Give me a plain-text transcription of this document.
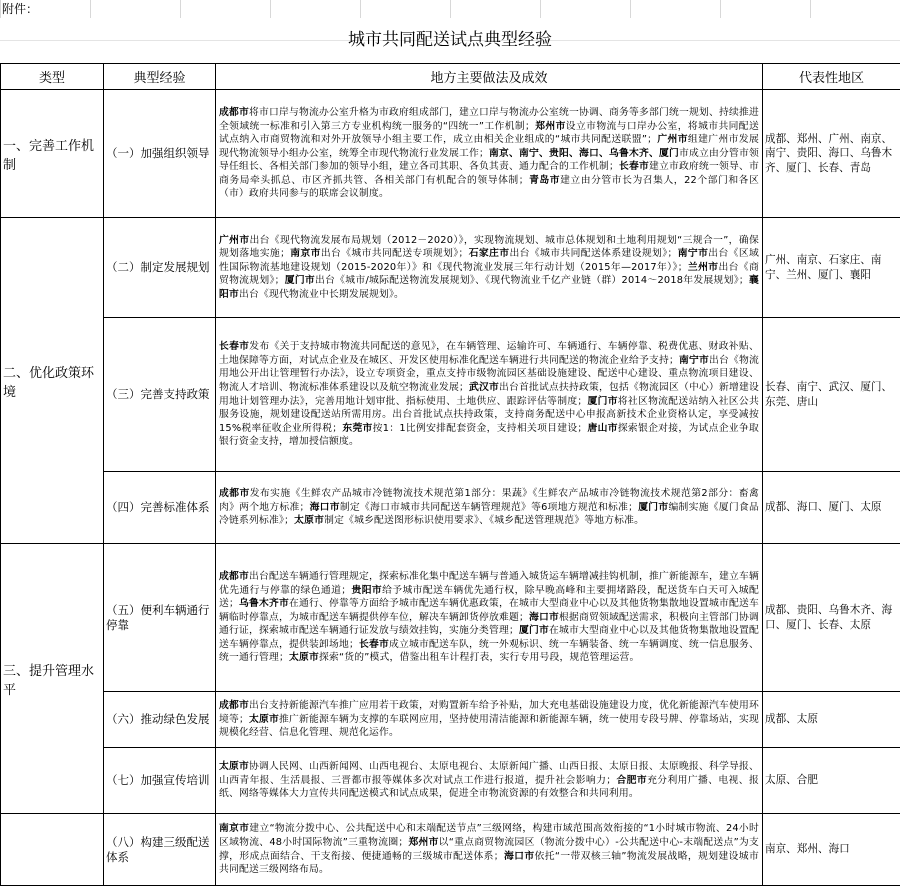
附件：
城市共同配送试点典型经验
类型	典型经验	地方主要做法及成效	代表性地区
一、完善工作机制	（一）加强组织领导	成都市将市口岸与物流办公室升格为市政府组成部门，建立口岸与物流办公室统一协调、商务等多部门统一规划、持续推进全领域统一标准和引入第三方专业机构统一服务的“四统一”工作机制；郑州市设立市物流与口岸办公室，将城市共同配送试点纳入市商贸物流和对外开放领导小组主要工作，成立由相关企业组成的“城市共同配送联盟”；广州市组建广州市发展现代物流领导小组办公室，统筹全市现代物流行业发展工作；南京、南宁、贵阳、海口、乌鲁木齐、厦门市成立由分管市领导任组长、各相关部门参加的领导小组，建立各司其职、各负其责、通力配合的工作机制；长春市建立市政府统一领导、市商务局牵头抓总、市区齐抓共管、各相关部门有机配合的领导体制；青岛市建立由分管市长为召集人，22个部门和各区（市）政府共同参与的联席会议制度。	成都、郑州、广州、南京、南宁、贵阳、海口、乌鲁木齐、厦门、长春、青岛
二、优化政策环境	（二）制定发展规划	广州市出台《现代物流发展布局规划（2012－2020）》，实现物流规划、城市总体规划和土地利用规划“三规合一”，确保规划落地实施；南京市出台《城市共同配送专项规划》；石家庄市出台《城市共同配送体系建设规划》；南宁市出台《区域性国际物流基地建设规划（2015-2020年）》和《现代物流业发展三年行动计划（2015年—2017年）》；兰州市出台《商贸物流规划》；厦门市出台《城市/城际配送物流发展规划》、《现代物流业千亿产业链（群）2014～2018年发展规划》；襄阳市出台《现代物流业中长期发展规划》。	广州、南京、石家庄、南宁、兰州、厦门、襄阳
	（三）完善支持政策	长春市发布《关于支持城市物流共同配送的意见》，在车辆管理、运输许可、车辆通行、车辆停靠、税费优惠、财政补贴、土地保障等方面，对试点企业及在城区、开发区使用标准化配送车辆进行共同配送的物流企业给予支持；南宁市出台《物流用地公开出让管理暂行办法》，设立专项资金，重点支持市级物流园区基础设施建设、配送中心建设、重点物流项目建设、物流人才培训、物流标准体系建设以及航空物流业发展；武汉市出台首批试点扶持政策，包括《物流园区（中心）新增建设用地计划管理办法》，完善用地计划审批、指标使用、土地供应、跟踪评估等制度；厦门市将社区物流配送站纳入社区公共服务设施，规划建设配送站所需用房。出台首批试点扶持政策，支持商务配送中心申报高新技术企业资格认定，享受减按15%税率征收企业所得税；东莞市按1：1比例安排配套资金，支持相关项目建设；唐山市探索银企对接，为试点企业争取银行资金支持，增加授信额度。	长春、南宁、武汉、厦门、东莞、唐山
	（四）完善标准体系	成都市发布实施《生鲜农产品城市冷链物流技术规范第1部分：果蔬》《生鲜农产品城市冷链物流技术规范第2部分：畜禽肉》两个地方标准；海口市制定《海口市城市共同配送车辆管理规范》等6项地方规范和标准；厦门市编制实施《厦门食品冷链系列标准》；太原市制定《城乡配送图形标识使用要求》、《城乡配送管理规范》等地方标准。	成都、海口、厦门、太原
三、提升管理水平	（五）便利车辆通行停靠	成都市出台配送车辆通行管理规定，探索标准化集中配送车辆与普通入城货运车辆增减挂钩机制，推广新能源车，建立车辆优先通行与停靠的绿色通道；贵阳市给予城市配送车辆优先通行权，除早晚高峰和主要拥堵路段，配送货车白天可入城配送；乌鲁木齐市在通行、停靠等方面给予城市配送车辆优惠政策，在城市大型商业中心以及其他货物集散地设置城市配送车辆临时停靠点，为城市配送车辆提供停车位，解决车辆卸货停放难题；海口市根据商贸领域配送需求，积极向主管部门协调通行证，探索城市配送车辆通行证发放与绩效挂钩，实施分类管理；厦门市在城市大型商业中心以及其他货物集散地设置配送车辆停靠点，提供装卸场地；长春市成立城市配送车队，统一外观标识、统一车辆装备、统一车辆调度、统一信息服务、统一通行管理；太原市探索“货的”模式，借鉴出租车计程打表，实行专用号段，规范管理运营。	成都、贵阳、乌鲁木齐、海口、厦门、长春、太原
	（六）推动绿色发展	成都市出台支持新能源汽车推广应用若干政策，对购置新车给予补贴，加大充电基础设施建设力度，优化新能源汽车使用环境等；太原市推广新能源车辆为支撑的车联网应用，坚持使用清洁能源和新能源车辆，统一使用专段号牌、停靠场站，实现规模化经营、信息化管理、规范化运作。	成都、太原
	（七）加强宣传培训	太原市协调人民网、山西新闻网、山西电视台、太原电视台、太原新闻广播、山西日报、太原日报、太原晚报、科学导报、山西青年报、生活晨报、三晋都市报等媒体多次对试点工作进行报道，提升社会影响力；合肥市充分利用广播、电视、报纸、网络等媒体大力宣传共同配送模式和试点成果，促进全市物流资源的有效整合和共同利用。	太原、合肥
	（八）构建三级配送体系	南京市建立“物流分拨中心、公共配送中心和末端配送节点”三级网络，构建市域范围高效衔接的“1小时城市物流、24小时区域物流、48小时国际物流”三重物流圈；郑州市以“重点商贸物流园区（物流分拨中心）-公共配送中心-末端配送点”为支撑，形成点面结合、干支衔接、便捷通畅的三级城市配送体系；海口市依托“一带双核三轴”物流发展战略，规划建设城市共同配送三级网络布局。	南京、郑州、海口
